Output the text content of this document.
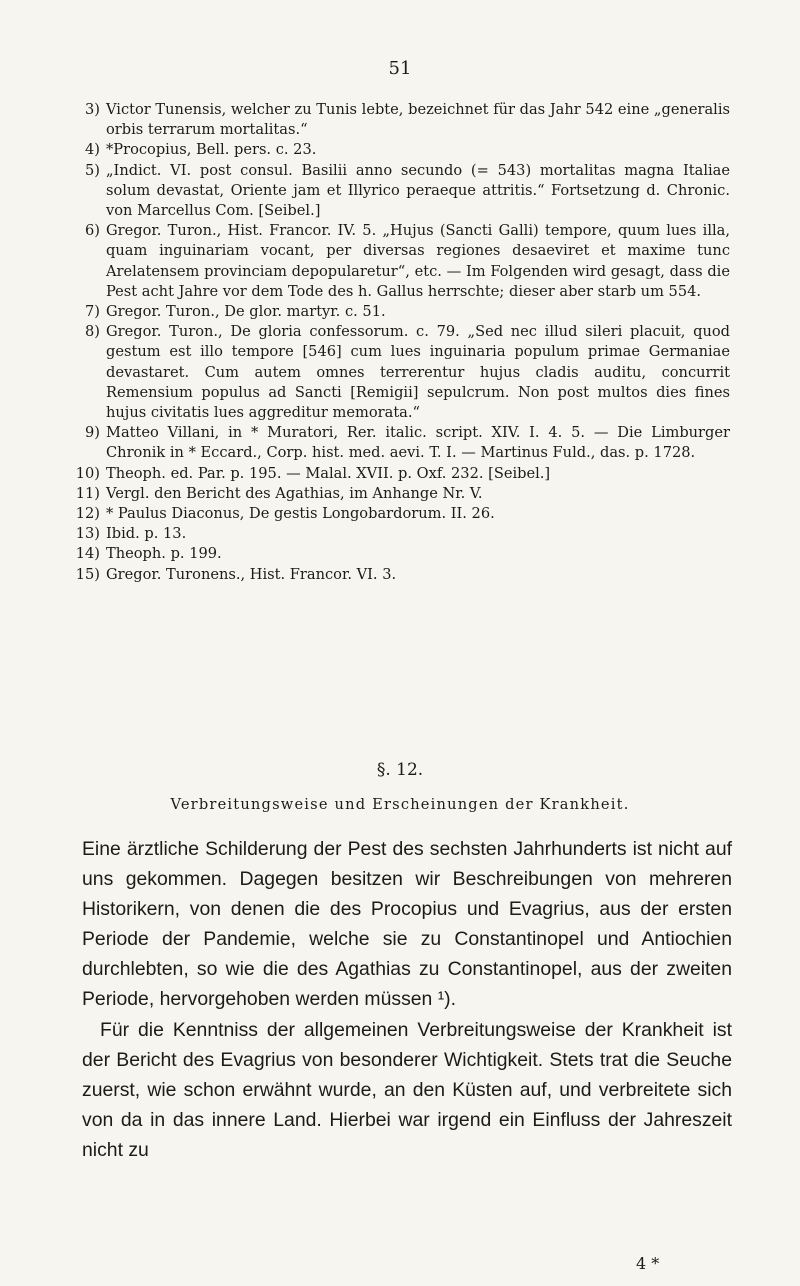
51
3) Victor Tunensis, welcher zu Tunis lebte, bezeichnet für das Jahr 542 eine „generalis orbis terrarum mortalitas.“
4) *Procopius, Bell. pers. c. 23.
5) „Indict. VI. post consul. Basilii anno secundo (= 543) mortalitas magna Italiae solum devastat, Oriente jam et Illyrico peraeque attritis.“ Fortsetzung d. Chronic. von Marcellus Com. [Seibel.]
6) Gregor. Turon., Hist. Francor. IV. 5. „Hujus (Sancti Galli) tempore, quum lues illa, quam inguinariam vocant, per diversas regiones desaeviret et maxime tunc Arelatensem provinciam depopularetur“, etc. — Im Folgenden wird gesagt, dass die Pest acht Jahre vor dem Tode des h. Gallus herrschte; dieser aber starb um 554.
7) Gregor. Turon., De glor. martyr. c. 51.
8) Gregor. Turon., De gloria confessorum. c. 79. „Sed nec illud sileri placuit, quod gestum est illo tempore [546] cum lues inguinaria populum primae Germaniae devastaret. Cum autem omnes terrerentur hujus cladis auditu, concurrit Remensium populus ad Sancti [Remigii] sepulcrum. Non post multos dies fines hujus civitatis lues aggreditur memorata.“
9) Matteo Villani, in * Muratori, Rer. italic. script. XIV. I. 4. 5. — Die Limburger Chronik in * Eccard., Corp. hist. med. aevi. T. I. — Martinus Fuld., das. p. 1728.
10) Theoph. ed. Par. p. 195. — Malal. XVII. p. Oxf. 232. [Seibel.]
11) Vergl. den Bericht des Agathias, im Anhange Nr. V.
12) * Paulus Diaconus, De gestis Longobardorum. II. 26.
13) Ibid. p. 13.
14) Theoph. p. 199.
15) Gregor. Turonens., Hist. Francor. VI. 3.
§. 12.
Verbreitungsweise und Erscheinungen der Krankheit.

Eine ärztliche Schilderung der Pest des sechsten Jahrhunderts ist nicht auf uns gekommen. Dagegen besitzen wir Beschreibungen von mehreren Historikern, von denen die des Procopius und Evagrius, aus der ersten Periode der Pandemie, welche sie zu Constantinopel und Antiochien durchlebten, so wie die des Agathias zu Constantinopel, aus der zweiten Periode, hervorgehoben werden müssen ¹).

Für die Kenntniss der allgemeinen Verbreitungsweise der Krankheit ist der Bericht des Evagrius von besonderer Wichtigkeit. Stets trat die Seuche zuerst, wie schon erwähnt wurde, an den Küsten auf, und verbreitete sich von da in das innere Land. Hierbei war irgend ein Einfluss der Jahreszeit nicht zu

4 *
